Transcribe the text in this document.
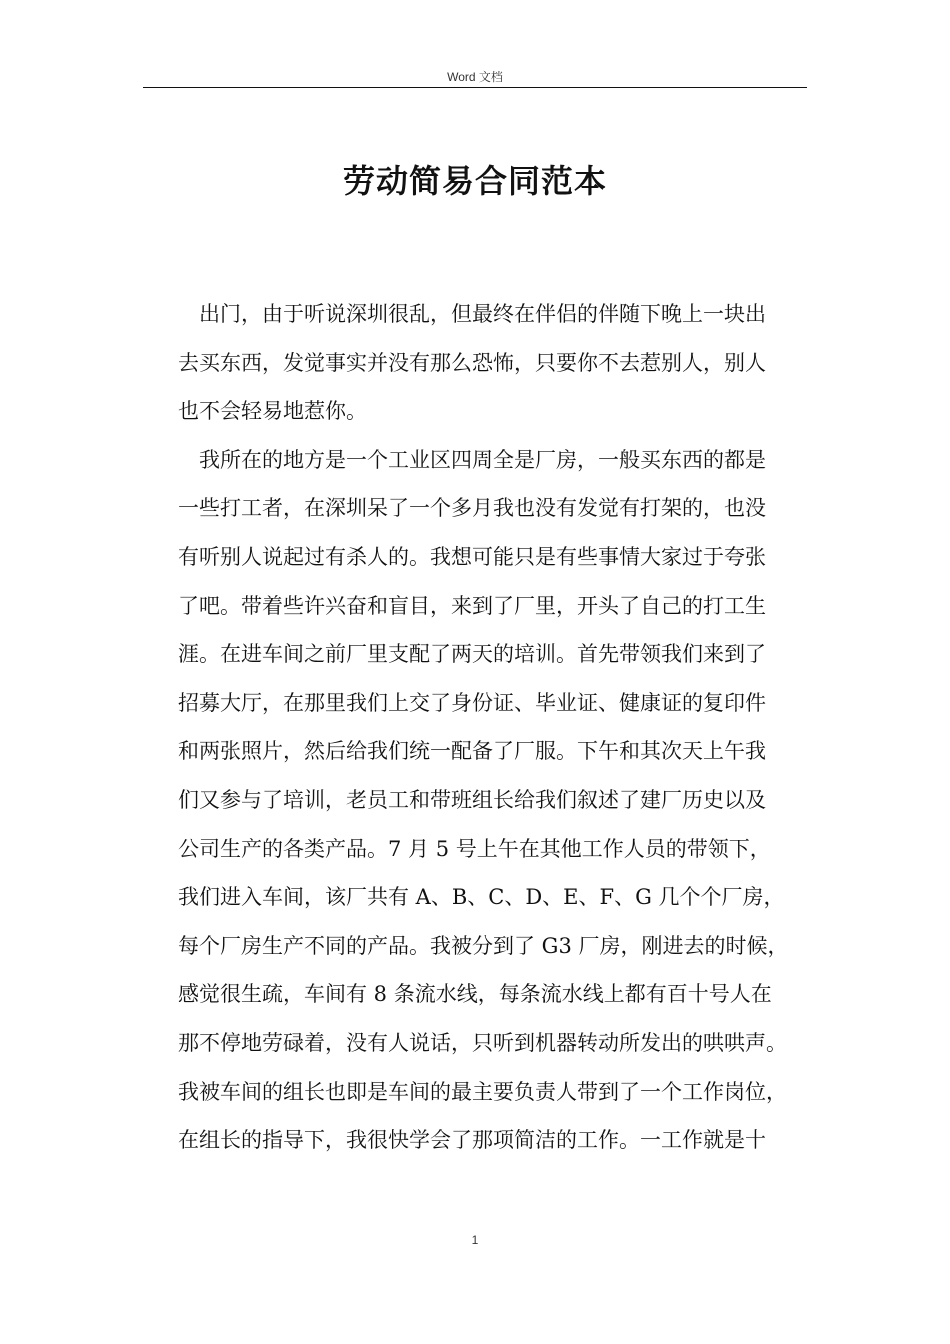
Word 文档
劳动简易合同范本
出门，由于听说深圳很乱，但最终在伴侣的伴随下晚上一块出
去买东西，发觉事实并没有那么恐怖，只要你不去惹别人，别人
也不会轻易地惹你。
我所在的地方是一个工业区四周全是厂房，一般买东西的都是
一些打工者，在深圳呆了一个多月我也没有发觉有打架的，也没
有听别人说起过有杀人的。我想可能只是有些事情大家过于夸张
了吧。带着些许兴奋和盲目，来到了厂里，开头了自己的打工生
涯。在进车间之前厂里支配了两天的培训。首先带领我们来到了
招募大厅，在那里我们上交了身份证、毕业证、健康证的复印件
和两张照片，然后给我们统一配备了厂服。下午和其次天上午我
们又参与了培训，老员工和带班组长给我们叙述了建厂历史以及
公司生产的各类产品。7 月 5 号上午在其他工作人员的带领下，
我们进入车间，该厂共有 A、B、C、D、E、F、G 几个个厂房，
每个厂房生产不同的产品。我被分到了 G3 厂房，刚进去的时候，
感觉很生疏，车间有 8 条流水线，每条流水线上都有百十号人在
那不停地劳碌着，没有人说话，只听到机器转动所发出的哄哄声。
我被车间的组长也即是车间的最主要负责人带到了一个工作岗位，
在组长的指导下，我很快学会了那项简洁的工作。一工作就是十
1
